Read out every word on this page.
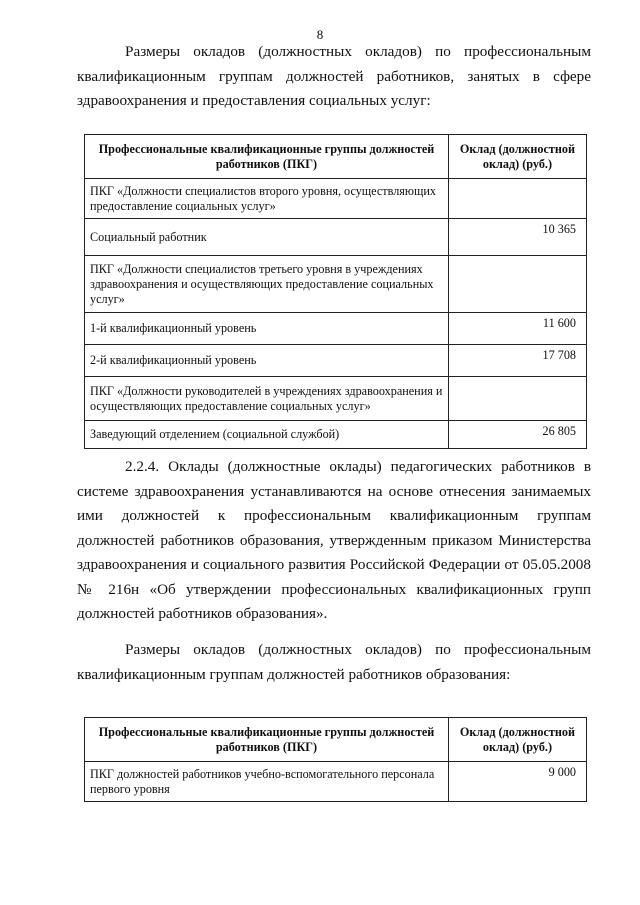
8

Размеры окладов (должностных окладов) по профессиональным квалификационным группам должностей работников, занятых в сфере здравоохранения и предоставления социальных услуг:

Профессиональные квалификационные группы должностей работников (ПКГ)	Оклад (должностной оклад) (руб.)
ПКГ «Должности специалистов второго уровня, осуществляющих предоставление социальных услуг»	
Социальный работник	10 365
ПКГ «Должности специалистов третьего уровня в учреждениях здравоохранения и осуществляющих предоставление социальных услуг»	
1-й квалификационный уровень	11 600
2-й квалификационный уровень	17 708
ПКГ «Должности руководителей в учреждениях здравоохранения и осуществляющих предоставление социальных услуг»	
Заведующий отделением (социальной службой)	26 805

2.2.4. Оклады (должностные оклады) педагогических работников в системе здравоохранения устанавливаются на основе отнесения занимаемых ими должностей к профессиональным квалификационным группам должностей работников образования, утвержденным приказом Министерства здравоохранения и социального развития Российской Федерации от 05.05.2008 № 216н «Об утверждении профессиональных квалификационных групп должностей работников образования».

Размеры окладов (должностных окладов) по профессиональным квалификационным группам должностей работников образования:

Профессиональные квалификационные группы должностей работников (ПКГ)	Оклад (должностной оклад) (руб.)
ПКГ должностей работников учебно-вспомогательного персонала первого уровня	9 000
